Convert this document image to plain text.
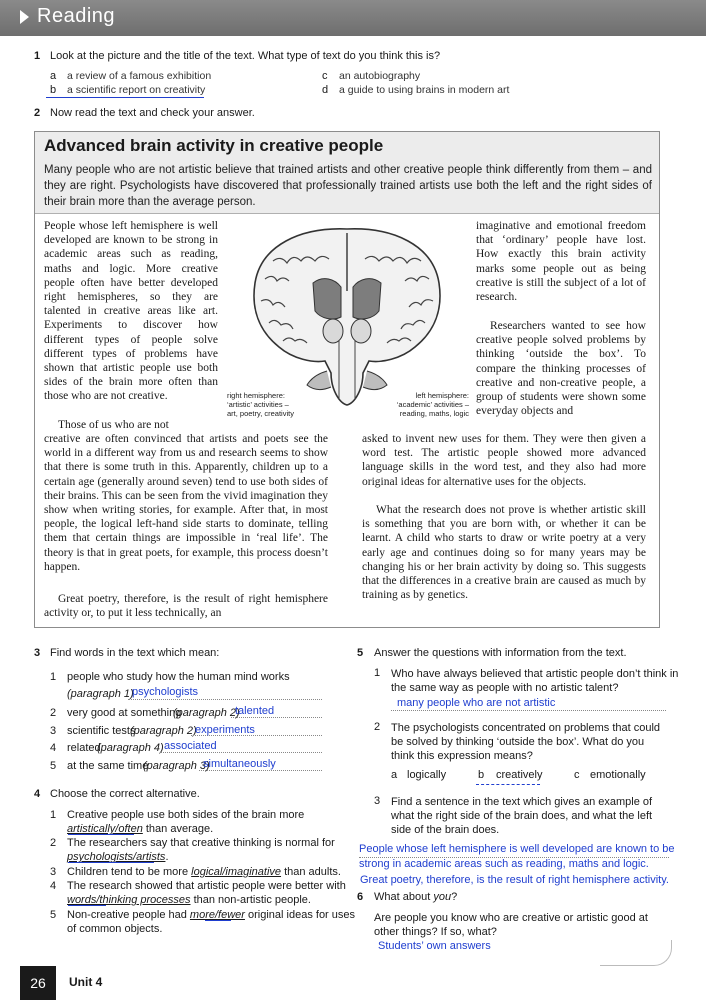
Reading
1 Look at the picture and the title of the text. What type of text do you think this is?
a a review of a famous exhibition
b a scientific report on creativity
c an autobiography
d a guide to using brains in modern art
2 Now read the text and check your answer.
Advanced brain activity in creative people
Many people who are not artistic believe that trained artists and other creative people think differently from them – and they are right. Psychologists have discovered that professionally trained artists use both the left and the right sides of their brain more than the average person.
People whose left hemisphere is well developed are known to be strong in academic areas such as reading, maths and logic. More creative people often have better developed right hemispheres, so they are talented in creative areas like art. Experiments to discover how different types of people solve different types of problems have shown that artistic people use both sides of the brain more often than those who are not creative.
Those of us who are not
creative are often convinced that artists and poets see the world in a different way from us and research seems to show that there is some truth in this. Apparently, children up to a certain age (generally around seven) tend to use both sides of their brains. This can be seen from the vivid imagination they show when writing stories, for example. After that, in most people, the logical left-hand side starts to dominate, telling them that certain things are impossible in ‘real life’. The theory is that in great poets, for example, this process doesn’t happen.
Great poetry, therefore, is the result of right hemisphere activity or, to put it less technically, an
imaginative and emotional freedom that ‘ordinary’ people have lost. How exactly this brain activity marks some people out as being creative is still the subject of a lot of research.
Researchers wanted to see how creative people solved problems by thinking ‘outside the box’. To compare the thinking processes of creative and non-creative people, a group of students were shown some everyday objects and
asked to invent new uses for them. They were then given a word test. The artistic people showed more advanced language skills in the word test, and they also had more original ideas for alternative uses for the objects.
What the research does not prove is whether artistic skill is something that you are born with, or whether it can be learnt. A child who starts to draw or write poetry at a very early age and continues doing so for many years may be changing his or her brain activity by doing so. This suggests that the differences in a creative brain are caused as much by training as by genetics.
right hemisphere:
‘artistic’ activities –
art, poetry, creativity
left hemisphere:
‘academic’ activities –
reading, maths, logic
3 Find words in the text which mean:
1 people who study how the human mind works
(paragraph 1)
psychologists
2 very good at something
(paragraph 2)
talented
3 scientific tests
(paragraph 2)
experiments
4 related
(paragraph 4) associated
5 at the same time
(paragraph 3)
simultaneously
4 Choose the correct alternative.
1 Creative people use both sides of the brain more
artistically/often than average.
2 The researchers say that creative thinking is normal for
psychologists/artists.
3 Children tend to be more logical/imaginative than adults.
4 The research showed that artistic people were better with
words/thinking processes than non-artistic people.
5 Non-creative people had more/fewer original ideas for uses
of common objects.
5 Answer the questions with information from the text.
1 Who have always believed that artistic people don’t think in the same way as people with no artistic talent?
many people who are not artistic
2 The psychologists concentrated on problems that could be solved by thinking ‘outside the box’. What do you think this expression means?
a logically	b creatively	c emotionally
3 Find a sentence in the text which gives an example of what the right side of the brain does, and what the left side of the brain does.
People whose left hemisphere is well developed are known to be strong in academic areas such as reading, maths and logic.
Great poetry, therefore, is the result of right hemisphere activity.
6 What about you?
Are people you know who are creative or artistic good at other things? If so, what?
Students’ own answers
26	Unit 4
